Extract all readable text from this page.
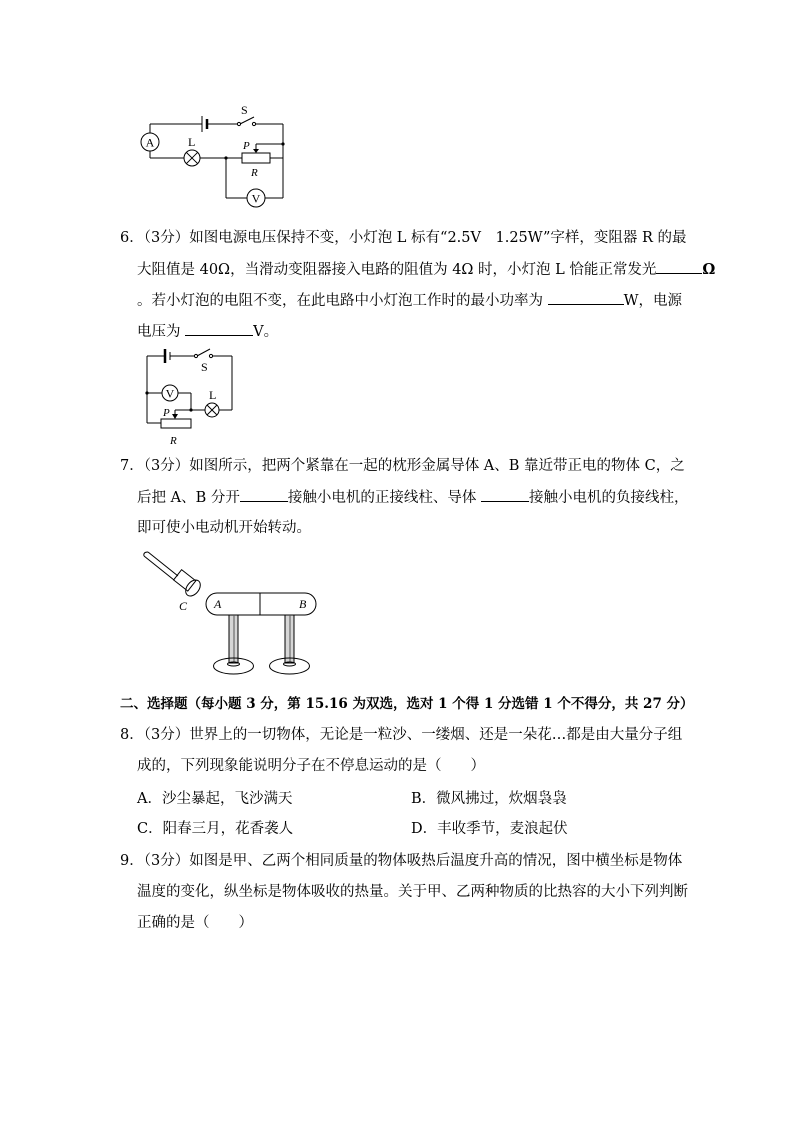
S
A	L	P
R
V
6．（3分）如图电源电压保持不变，小灯泡 L 标有“2.5V　1.25W”字样，变阻器 R 的最
大阻值是 40Ω，当滑动变阻器接入电路的阻值为 4Ω 时，小灯泡 L 恰能正常发光	Ω
。若小灯泡的电阻不变，在此电路中小灯泡工作时的最小功率为	W，电源
电压为	V。
S
V	L
P
R
7．（3分）如图所示，把两个紧靠在一起的枕形金属导体 A、B 靠近带正电的物体 C，之
后把 A、B 分开	接触小电机的正接线柱、导体	接触小电机的负接线柱，
即可使小电动机开始转动。
C A	B
二、选择题（每小题 3 分，第 15.16 为双选，选对 1 个得 1 分选错 1 个不得分，共 27 分）
8．（3分）世界上的一切物体，无论是一粒沙、一缕烟、还是一朵花…都是由大量分子组
成的，下列现象能说明分子在不停息运动的是（　　）
A．沙尘暴起，飞沙满天	B．微风拂过，炊烟袅袅
C．阳春三月，花香袭人	D．丰收季节，麦浪起伏
9．（3分）如图是甲、乙两个相同质量的物体吸热后温度升高的情况，图中横坐标是物体
温度的变化，纵坐标是物体吸收的热量。关于甲、乙两种物质的比热容的大小下列判断
正确的是（　　）
